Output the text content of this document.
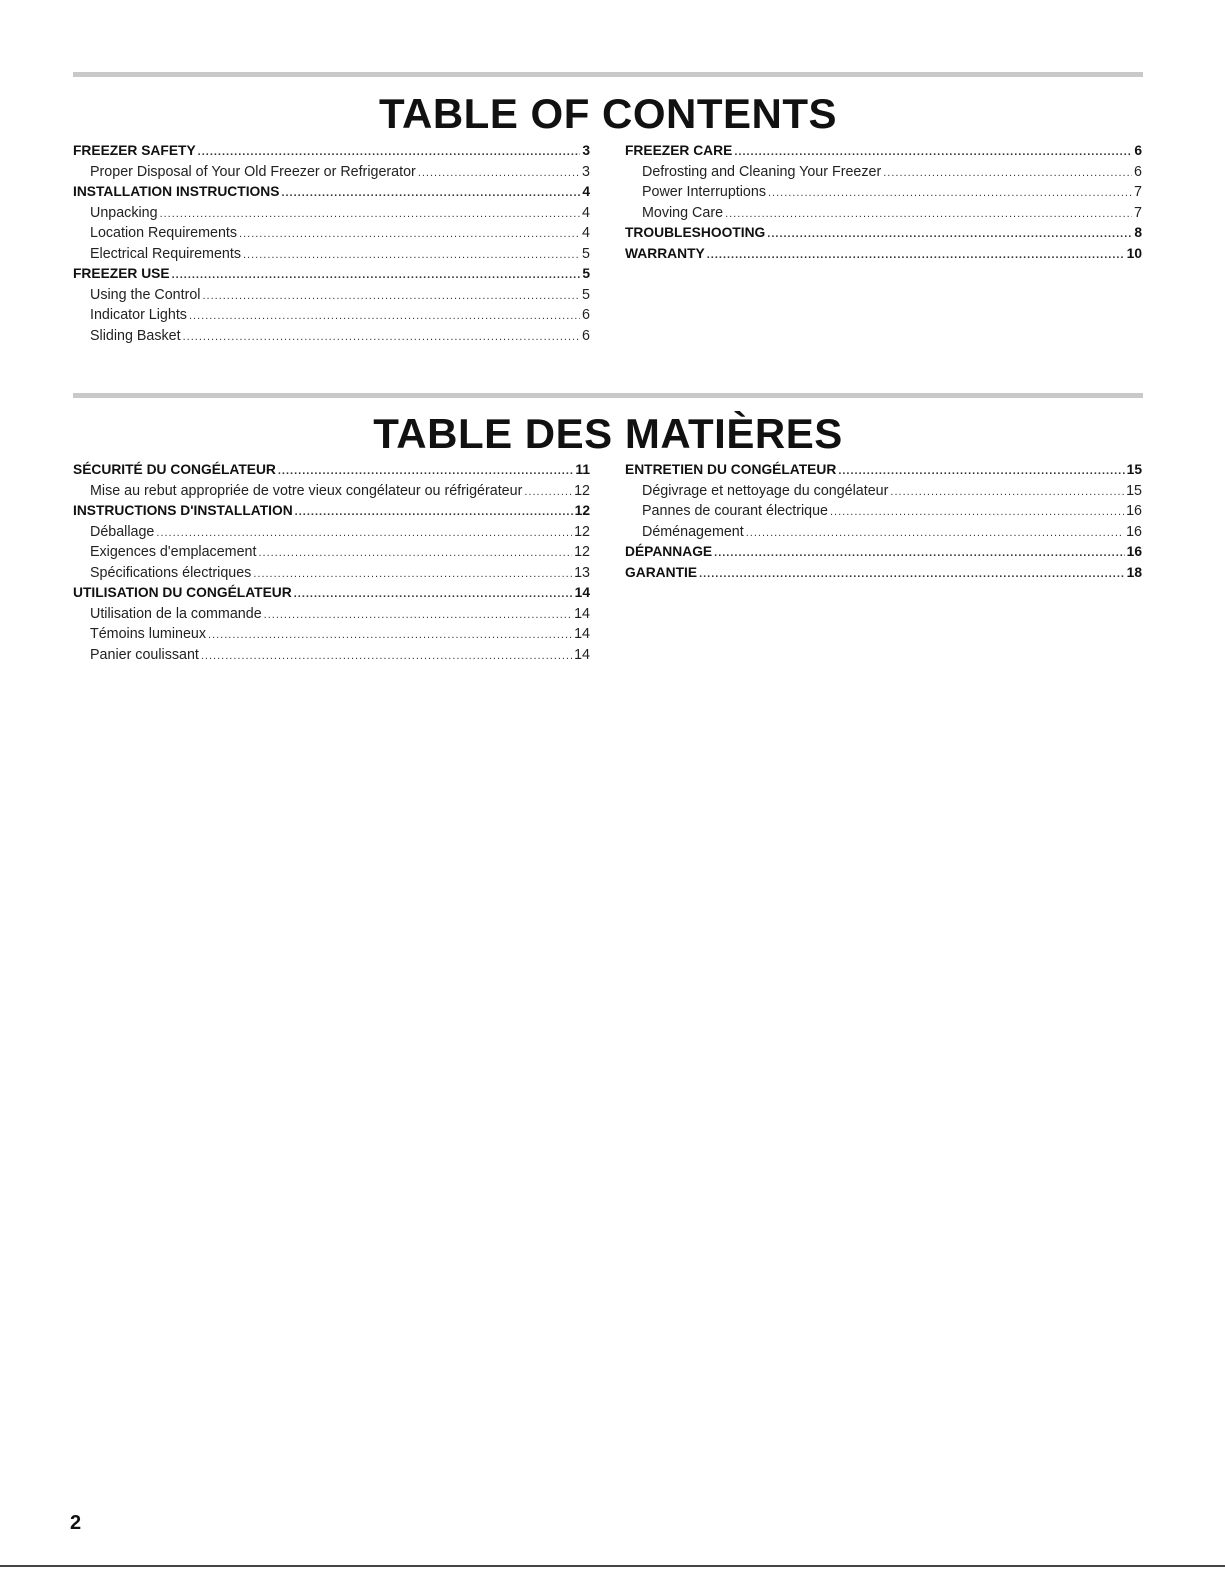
TABLE OF CONTENTS
FREEZER SAFETY .....	3
Proper Disposal of Your Old Freezer or Refrigerator .....	3
INSTALLATION INSTRUCTIONS .....	4
Unpacking .....	4
Location Requirements .....	4
Electrical Requirements .....	5
FREEZER USE .....	5
Using the Control .....	5
Indicator Lights .....	6
Sliding Basket .....	6
FREEZER CARE .....	6
Defrosting and Cleaning Your Freezer .....	6
Power Interruptions .....	7
Moving Care .....	7
TROUBLESHOOTING .....	8
WARRANTY .....	10
TABLE DES MATIÈRES
SÉCURITÉ DU CONGÉLATEUR .....	11
Mise au rebut appropriée de votre vieux congélateur ou réfrigérateur .....	12
INSTRUCTIONS D'INSTALLATION .....	12
Déballage .....	12
Exigences d'emplacement .....	12
Spécifications électriques .....	13
UTILISATION DU CONGÉLATEUR .....	14
Utilisation de la commande .....	14
Témoins lumineux .....	14
Panier coulissant .....	14
ENTRETIEN DU CONGÉLATEUR .....	15
Dégivrage et nettoyage du congélateur .....	15
Pannes de courant électrique .....	16
Déménagement .....	16
DÉPANNAGE .....	16
GARANTIE .....	18
2
